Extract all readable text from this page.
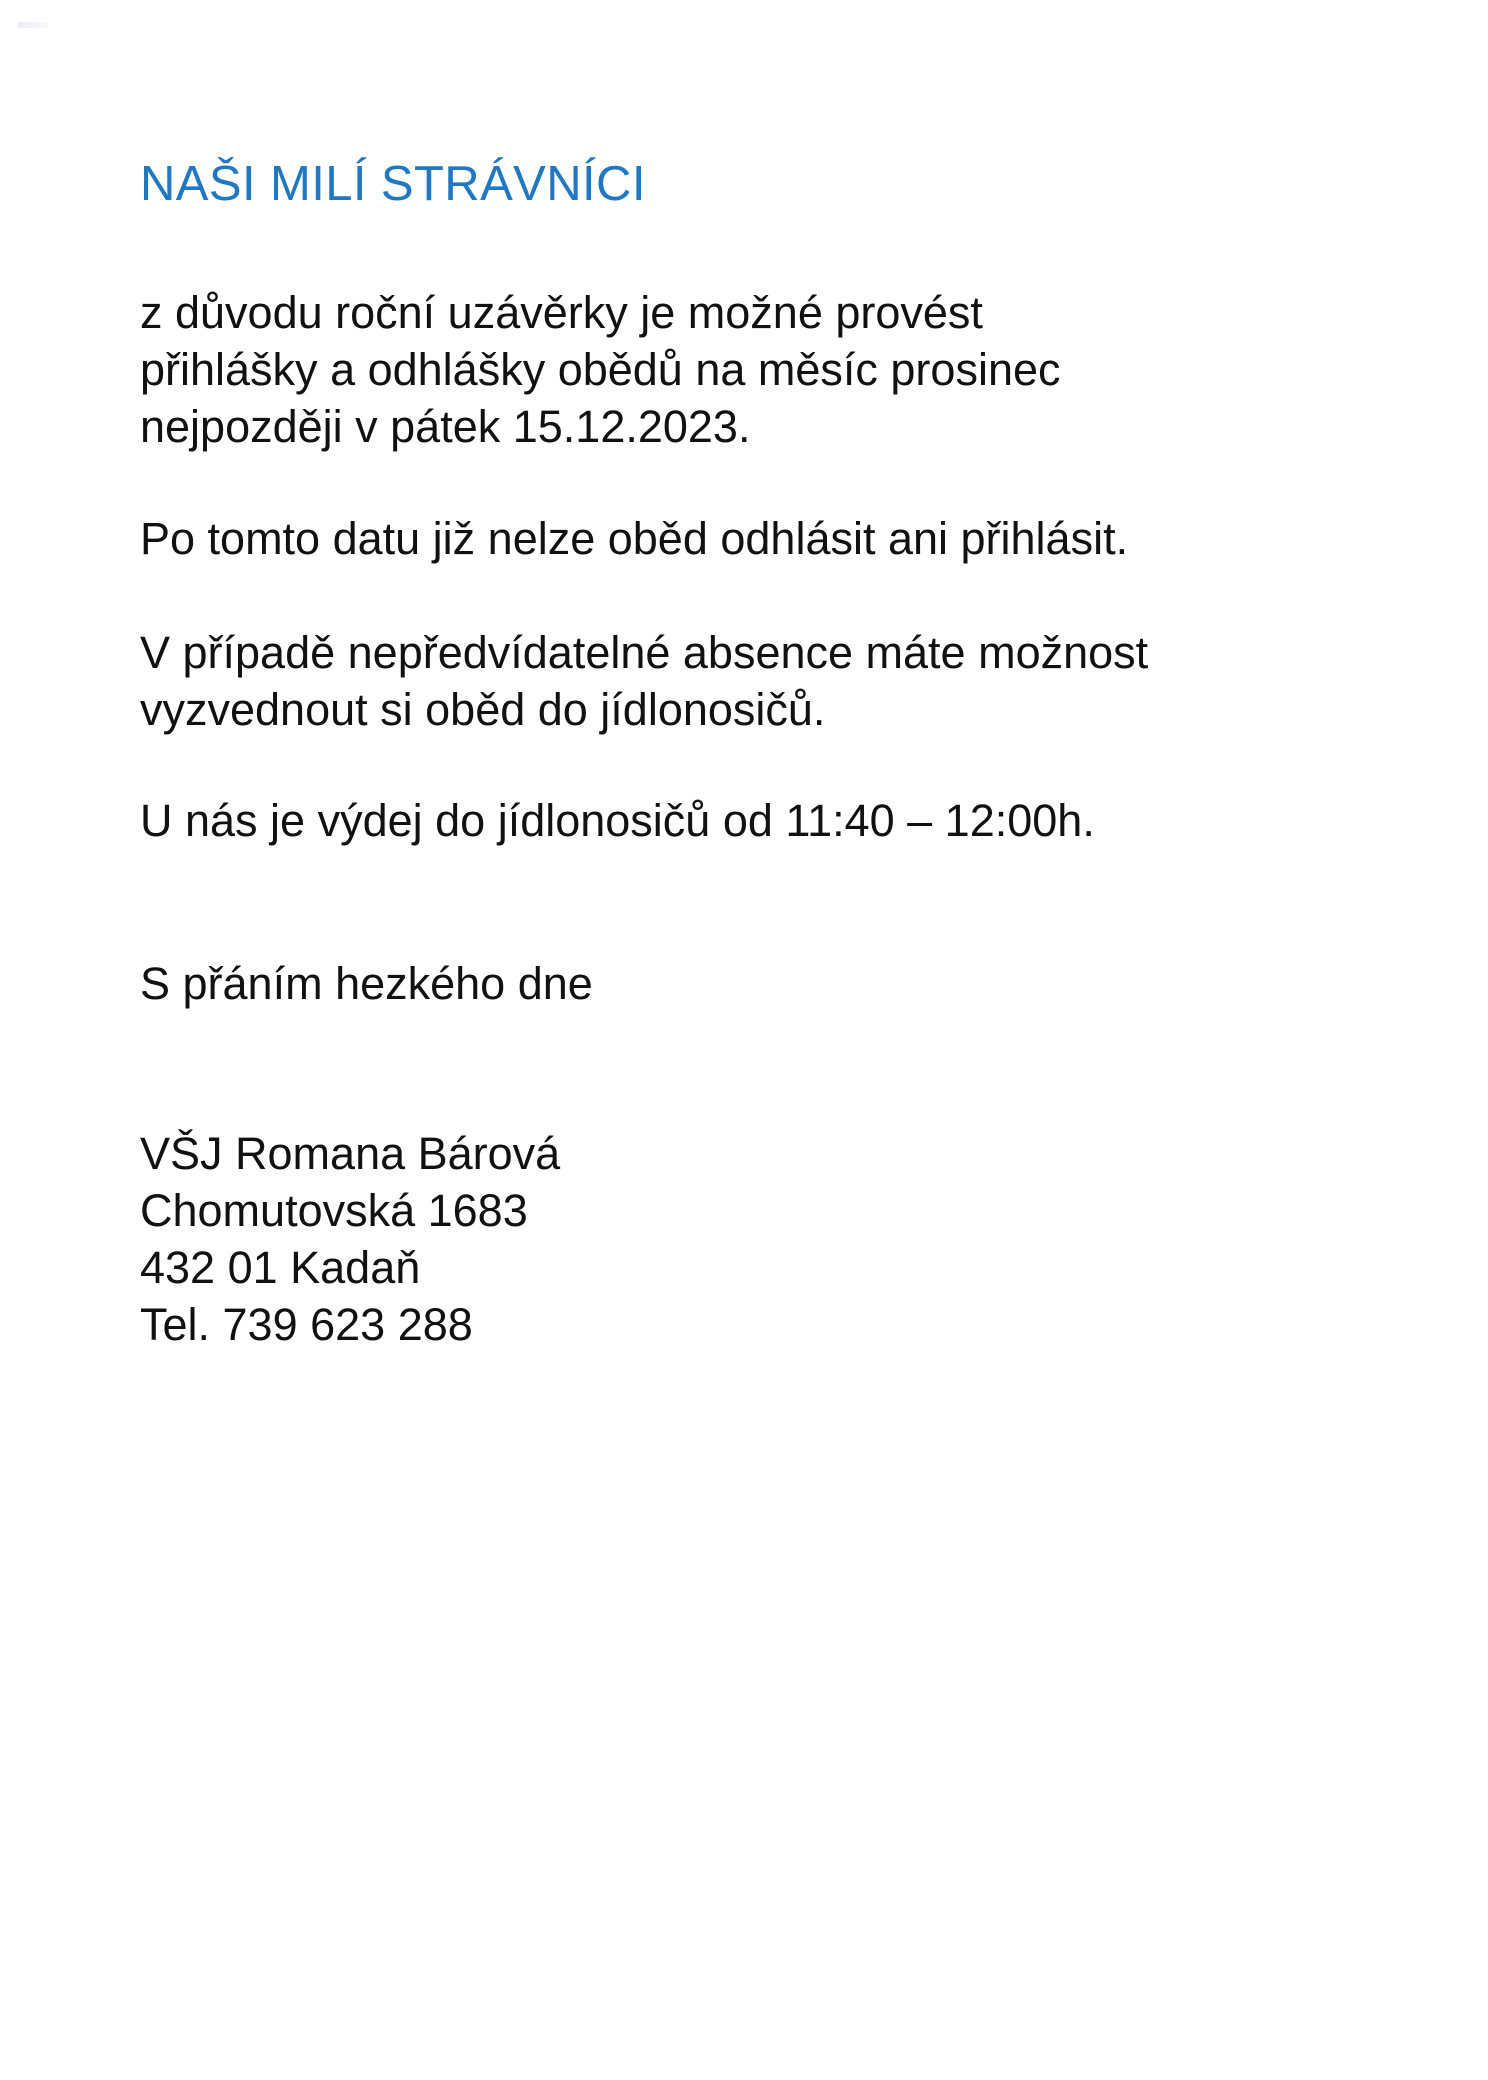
NAŠI MILÍ STRÁVNÍCI
z důvodu roční uzávěrky je možné provést
přihlášky a odhlášky obědů na měsíc prosinec
nejpozději v pátek 15.12.2023.

Po tomto datu již nelze oběd odhlásit ani přihlásit.

V případě nepředvídatelné absence máte možnost
vyzvednout si oběd do jídlonosičů.

U nás je výdej do jídlonosičů od 11:40 – 12:00h.

S přáním hezkého dne

VŠJ Romana Bárová
Chomutovská 1683
432 01 Kadaň
Tel. 739 623 288
